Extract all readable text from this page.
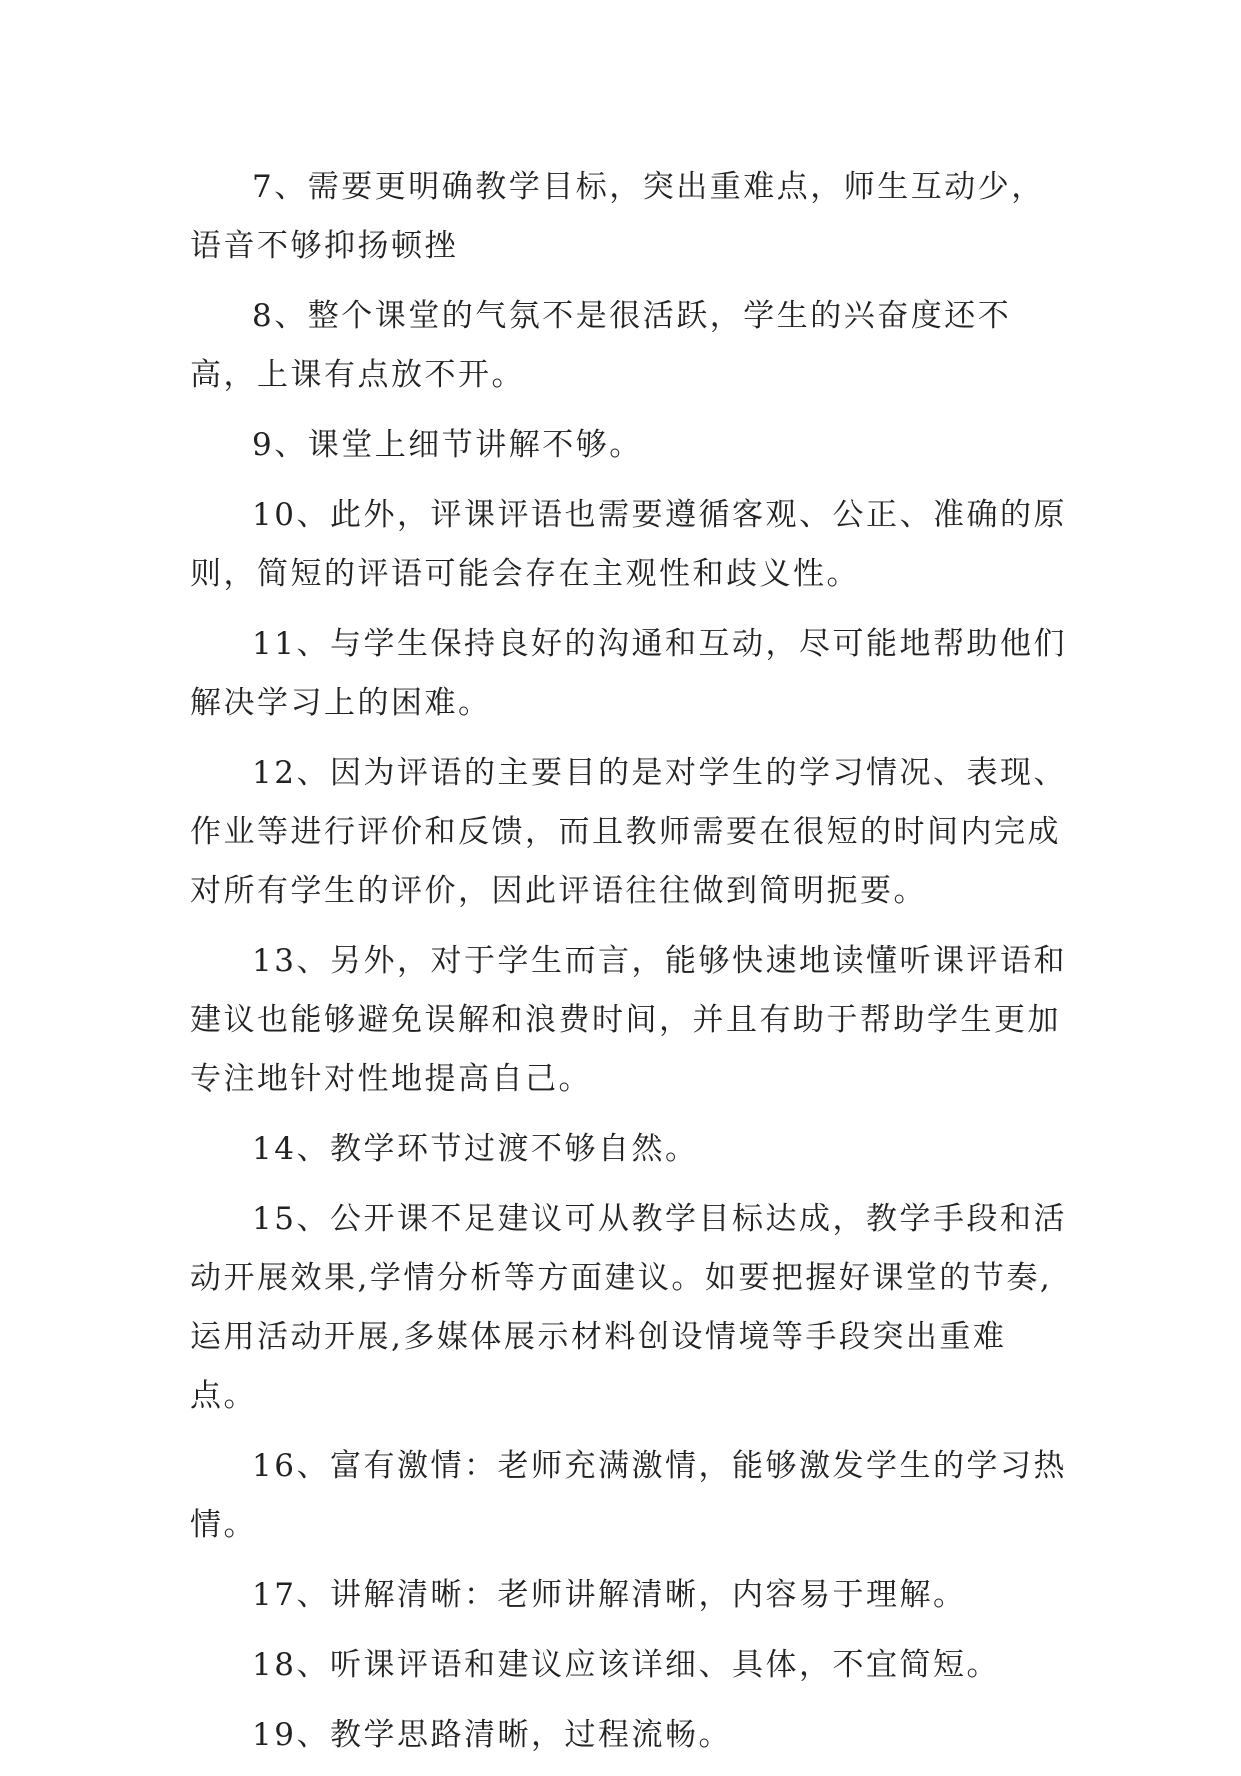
7、需要更明确教学目标，突出重难点，师生互动少，语音不够抑扬顿挫

8、整个课堂的气氛不是很活跃，学生的兴奋度还不高，上课有点放不开。

9、课堂上细节讲解不够。

10、此外，评课评语也需要遵循客观、公正、准确的原则，简短的评语可能会存在主观性和歧义性。

11、与学生保持良好的沟通和互动，尽可能地帮助他们解决学习上的困难。

12、因为评语的主要目的是对学生的学习情况、表现、作业等进行评价和反馈，而且教师需要在很短的时间内完成对所有学生的评价，因此评语往往做到简明扼要。

13、另外，对于学生而言，能够快速地读懂听课评语和建议也能够避免误解和浪费时间，并且有助于帮助学生更加专注地针对性地提高自己。

14、教学环节过渡不够自然。

15、公开课不足建议可从教学目标达成，教学手段和活动开展效果,学情分析等方面建议。如要把握好课堂的节奏,运用活动开展,多媒体展示材料创设情境等手段突出重难点。

16、富有激情：老师充满激情，能够激发学生的学习热情。

17、讲解清晰：老师讲解清晰，内容易于理解。

18、听课评语和建议应该详细、具体，不宜简短。

19、教学思路清晰，过程流畅。
